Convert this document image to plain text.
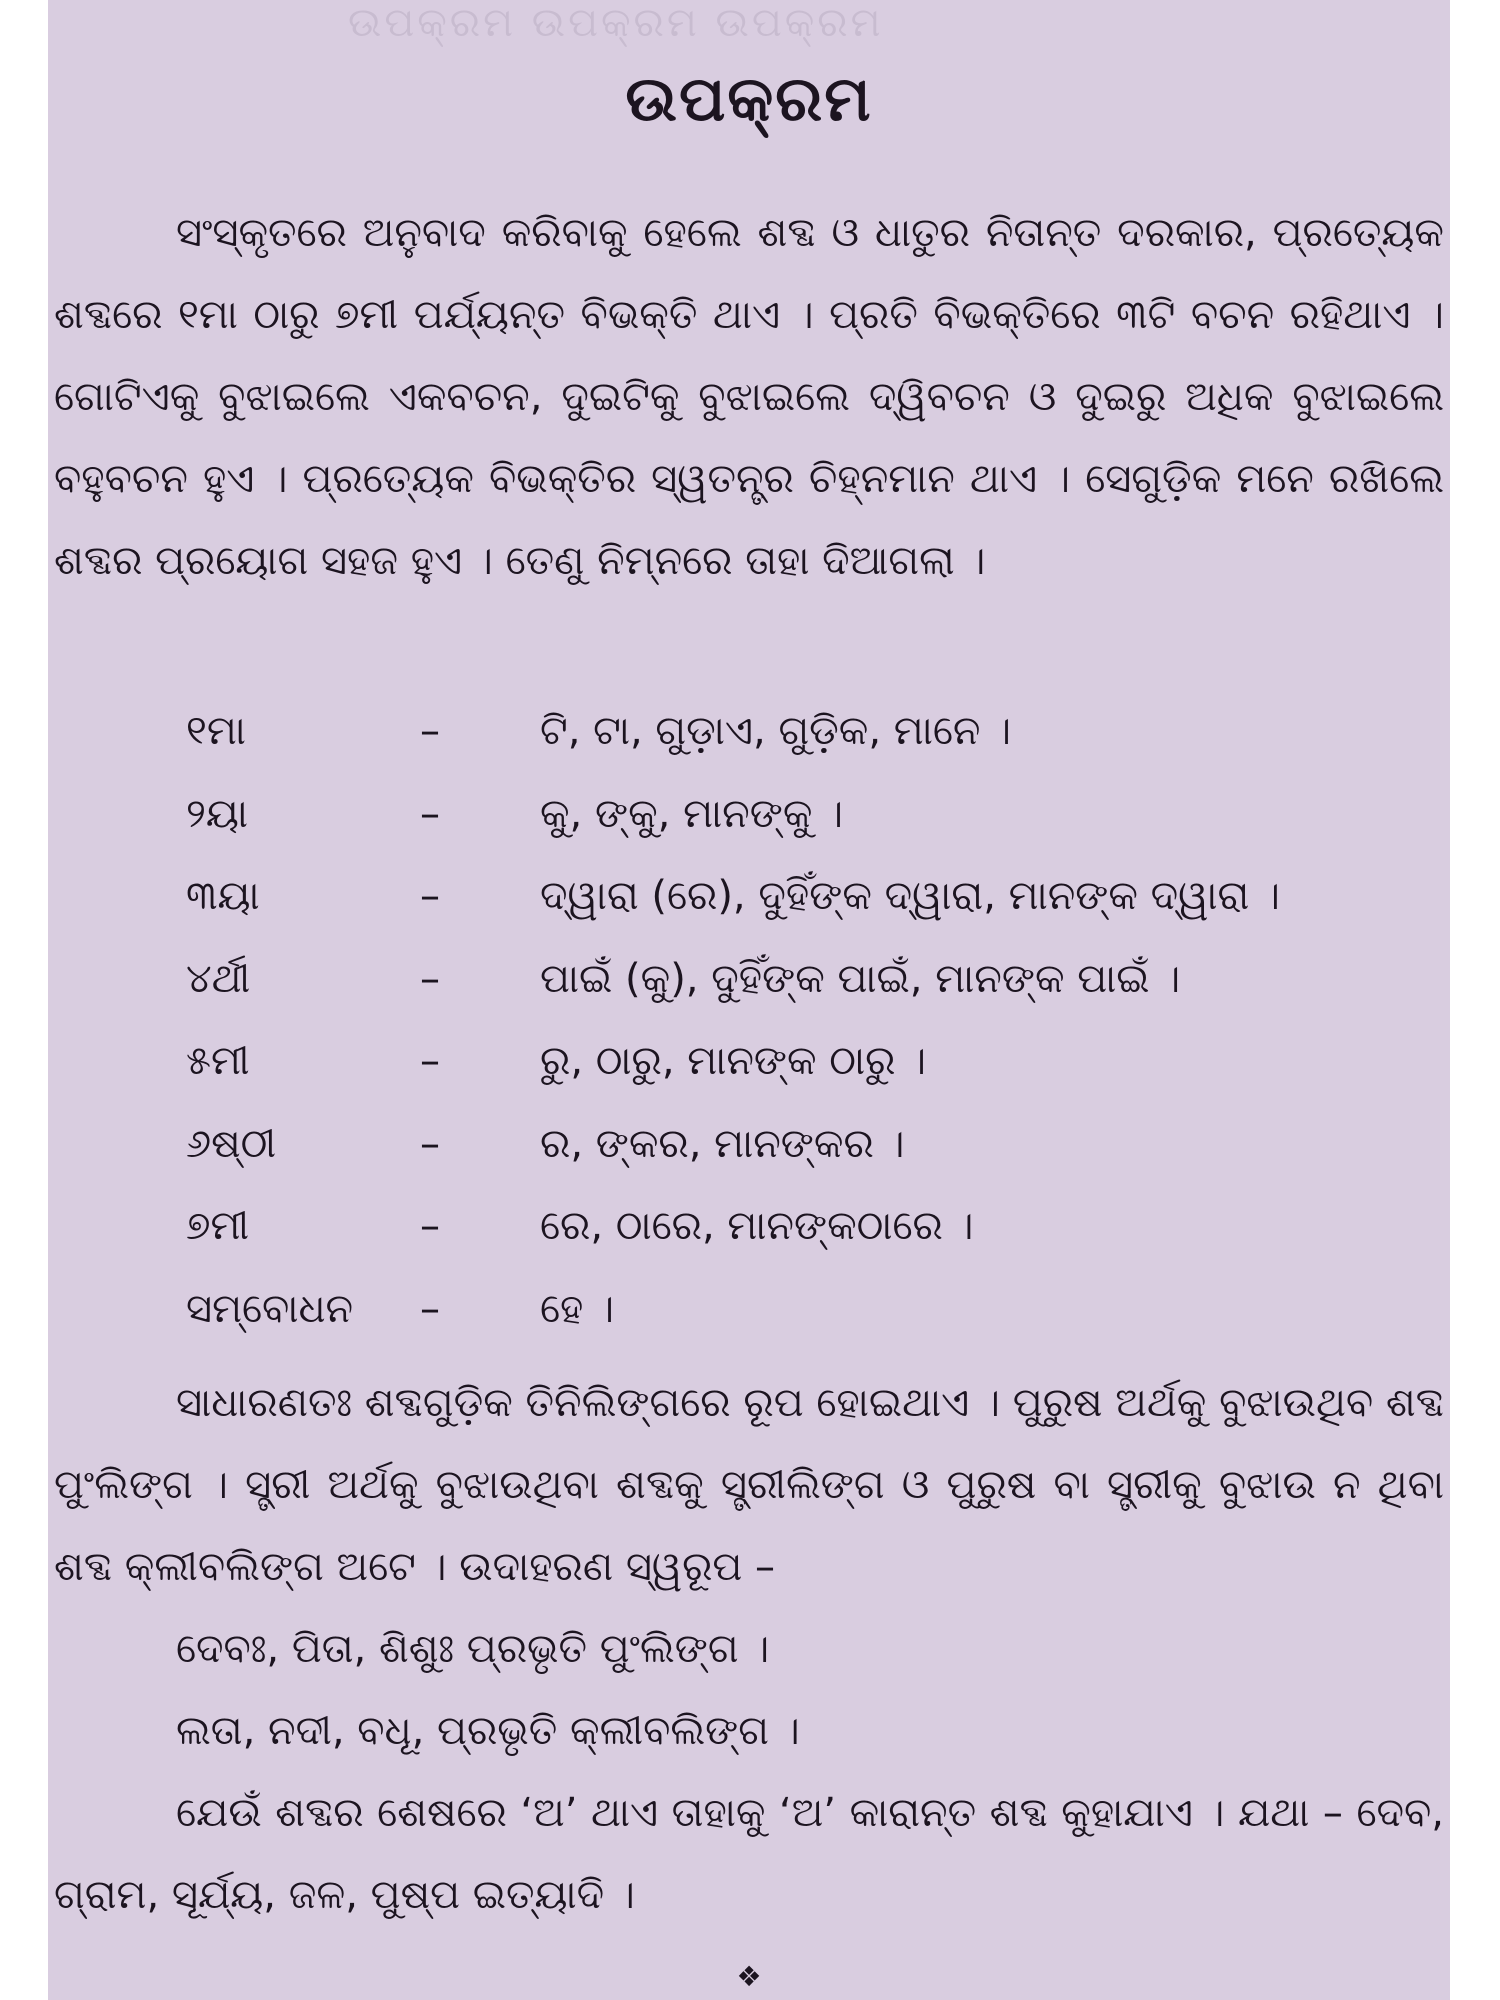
ଉପକ୍ରମ ଉପକ୍ରମ ଉପକ୍ରମ
ଉପକ୍ରମ

ସଂସ୍କୃତରେ ଅନୁବାଦ କରିବାକୁ ହେଲେ ଶବ୍ଦ ଓ ଧାତୁର ନିତାନ୍ତ ଦରକାର, ପ୍ରତ୍ୟେକ ଶବ୍ଦରେ ୧ମା ଠାରୁ ୭ମୀ ପର୍ଯ୍ୟନ୍ତ ବିଭକ୍ତି ଥାଏ । ପ୍ରତି ବିଭକ୍ତିରେ ୩ଟି ବଚନ ରହିଥାଏ । ଗୋଟିଏକୁ ବୁଝାଇଲେ ଏକବଚନ, ଦୁଇଟିକୁ ବୁଝାଇଲେ ଦ୍ୱିବଚନ ଓ ଦୁଇରୁ ଅଧିକ ବୁଝାଇଲେ ବହୁବଚନ ହୁଏ । ପ୍ରତ୍ୟେକ ବିଭକ୍ତିର ସ୍ୱତନ୍ତ୍ର ଚିହ୍ନମାନ ଥାଏ । ସେଗୁଡ଼ିକ ମନେ ରଖିଲେ ଶବ୍ଦର ପ୍ରୟୋଗ ସହଜ ହୁଏ । ତେଣୁ ନିମ୍ନରେ ତାହା ଦିଆଗଲା ।

୧ମା	–	ଟି, ଟା, ଗୁଡ଼ାଏ, ଗୁଡ଼ିକ, ମାନେ ।
୨ୟା	–	କୁ, ଙ୍କୁ, ମାନଙ୍କୁ ।
୩ୟା	–	ଦ୍ୱାରା (ରେ), ଦୁହିଁଙ୍କ ଦ୍ୱାରା, ମାନଙ୍କ ଦ୍ୱାରା ।
୪ର୍ଥୀ	–	ପାଇଁ (କୁ), ଦୁହିଁଙ୍କ ପାଇଁ, ମାନଙ୍କ ପାଇଁ ।
୫ମୀ	–	ରୁ, ଠାରୁ, ମାନଙ୍କ ଠାରୁ ।
୬ଷ୍ଠୀ	–	ର, ଙ୍କର, ମାନଙ୍କର ।
୭ମୀ	–	ରେ, ଠାରେ, ମାନଙ୍କଠାରେ ।
ସମ୍ବୋଧନ –	ହେ ।

ସାଧାରଣତଃ ଶବ୍ଦଗୁଡ଼ିକ ତିନିଲିଙ୍ଗରେ ରୂପ ହୋଇଥାଏ । ପୁରୁଷ ଅର୍ଥକୁ ବୁଝାଉଥିବ ଶବ୍ଦ ପୁଂଲିଙ୍ଗ । ସ୍ତ୍ରୀ ଅର୍ଥକୁ ବୁଝାଉଥିବା ଶବ୍ଦକୁ ସ୍ତ୍ରୀଲିଙ୍ଗ ଓ ପୁରୁଷ ବା ସ୍ତ୍ରୀକୁ ବୁଝାଉ ନ ଥିବା ଶବ୍ଦ କ୍ଲୀବଲିଙ୍ଗ ଅଟେ । ଉଦାହରଣ ସ୍ୱରୂପ –

ଦେବଃ, ପିତା, ଶିଶୁଃ ପ୍ରଭୃତି ପୁଂଲିଙ୍ଗ ।
ଲତା, ନଦୀ, ବଧୂ, ପ୍ରଭୃତି କ୍ଲୀବଲିଙ୍ଗ ।

ଯେଉଁ ଶବ୍ଦର ଶେଷରେ ‘ଅ’ ଥାଏ ତାହାକୁ ‘ଅ’ କାରାନ୍ତ ଶବ୍ଦ କୁହାଯାଏ । ଯଥା – ଦେବ, ଗ୍ରାମ, ସୂର୍ଯ୍ୟ, ଜଳ, ପୁଷ୍ପ ଇତ୍ୟାଦି ।

❖
